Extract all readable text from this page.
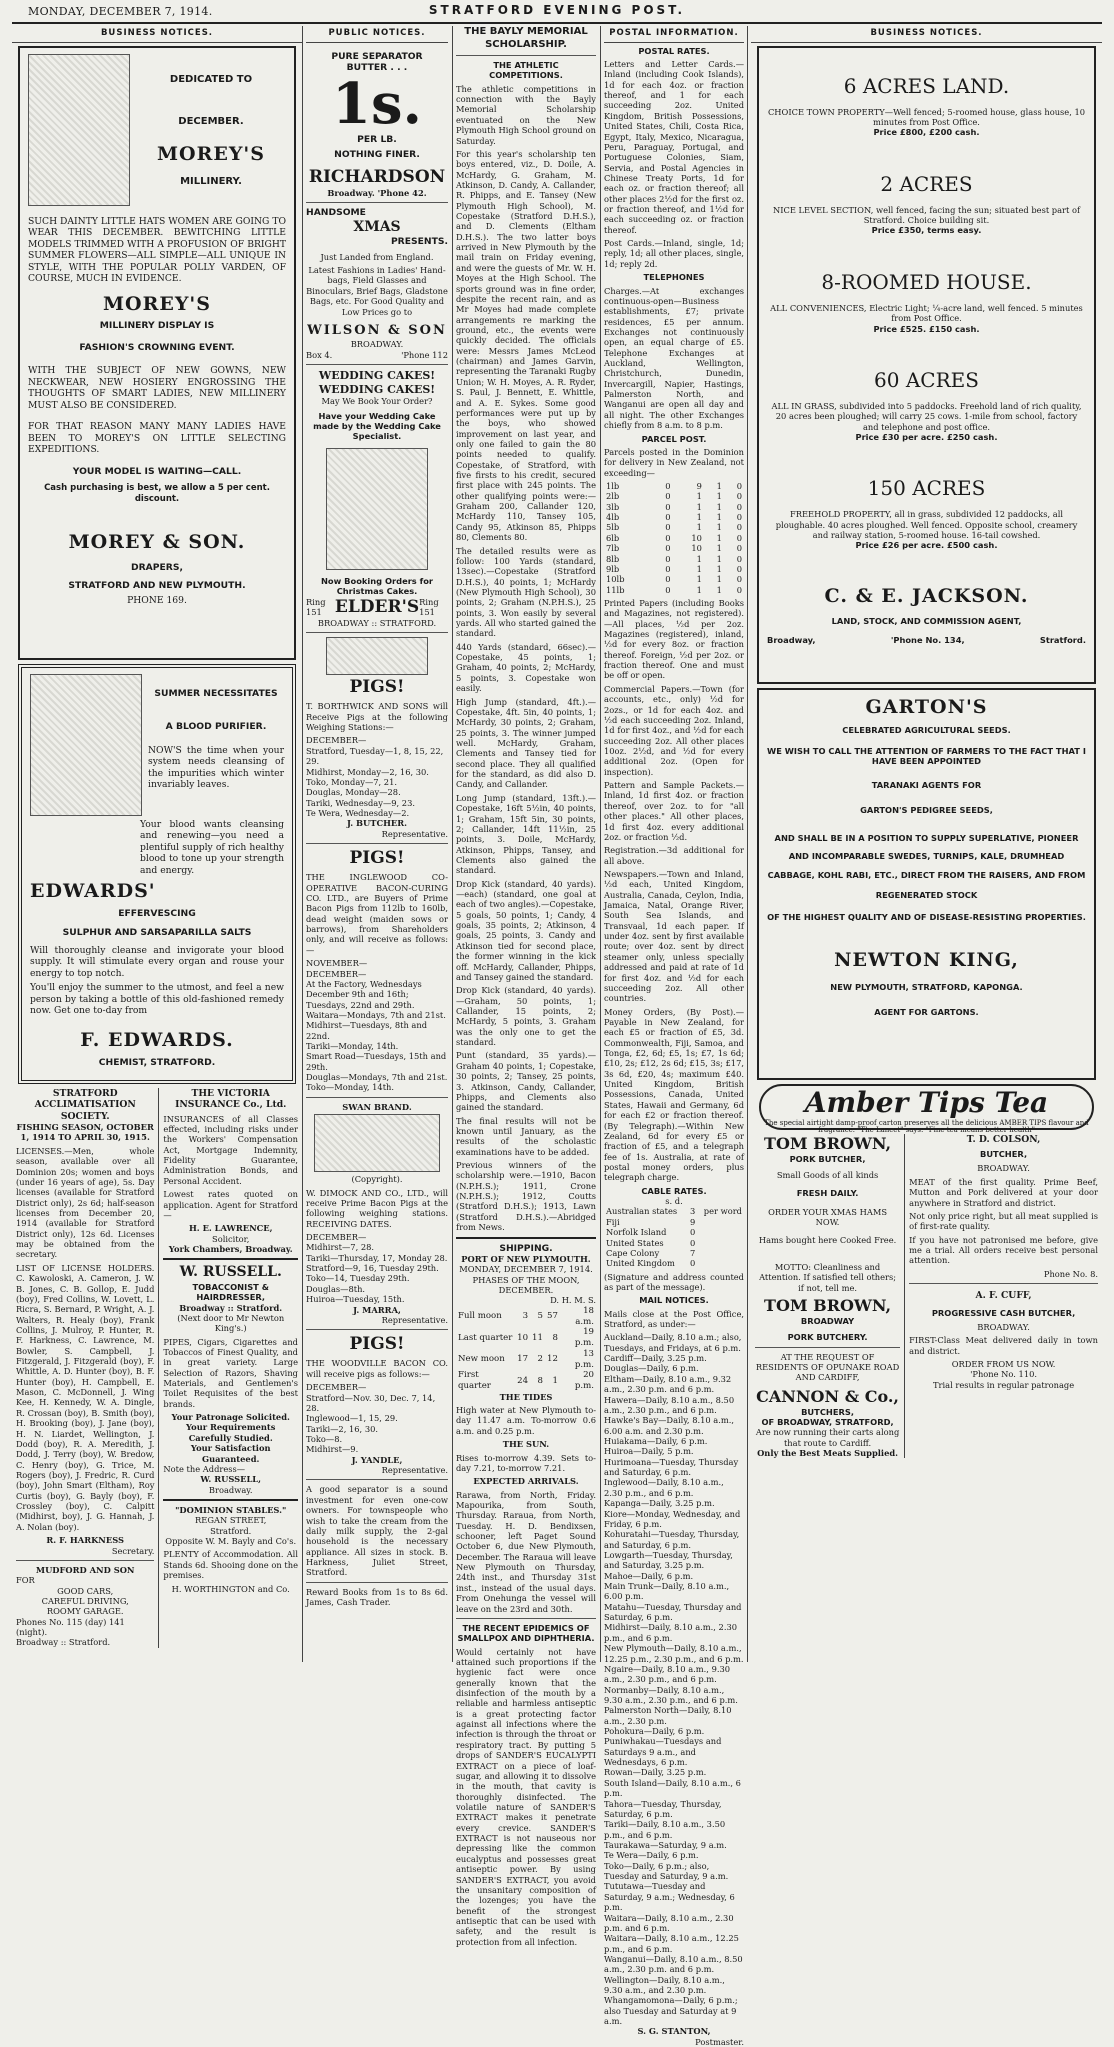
MONDAY, DECEMBER 7, 1914.	STRATFORD EVENING POST.
BUSINESS NOTICES.
DEDICATED TO
DECEMBER.
MOREY'S
MILLINERY.

SUCH DAINTY LITTLE HATS WOMEN ARE GOING TO WEAR THIS DECEMBER. BEWITCHING LITTLE MODELS TRIMMED WITH A PROFUSION OF BRIGHT SUMMER FLOWERS—ALL SIMPLE—ALL UNIQUE IN STYLE, WITH THE POPULAR POLLY VARDEN, OF COURSE, MUCH IN EVIDENCE.

MOREY'S
MILLINERY DISPLAY IS
FASHION'S CROWNING EVENT.

WITH THE SUBJECT OF NEW GOWNS, NEW NECKWEAR, NEW HOSIERY ENGROSSING THE THOUGHTS OF SMART LADIES, NEW MILLINERY MUST ALSO BE CONSIDERED.

FOR THAT REASON MANY MANY LADIES HAVE BEEN TO MOREY'S ON LITTLE SELECTING EXPEDITIONS.

YOUR MODEL IS WAITING—CALL.
Cash purchasing is best, we allow a 5 per cent. discount.
MOREY & SON.
DRAPERS,
STRATFORD AND NEW PLYMOUTH.
PHONE 169.
SUMMER NECESSITATES
A BLOOD PURIFIER.

NOW'S the time when your system needs cleansing of the impurities which winter invariably leaves.

Your blood wants cleansing and renewing—you need a plentiful supply of rich healthy blood to tone up your strength and energy.

EDWARDS'
EFFERVESCING
SULPHUR AND SARSAPARILLA SALTS

Will thoroughly cleanse and invigorate your blood supply. It will stimulate every organ and rouse your energy to top notch.

You'll enjoy the summer to the utmost, and feel a new person by taking a bottle of this old-fashioned remedy now. Get one to-day from

F. EDWARDS.
CHEMIST, STRATFORD.
STRATFORD ACCLIMATISATION SOCIETY.
FISHING SEASON, OCTOBER 1, 1914 TO APRIL 30, 1915.

LICENSES.—Men, whole season, available over all Dominion 20s; women and boys (under 16 years of age), 5s. Day licenses (available for Stratford District only), 2s 6d; half-season licenses from December 20, 1914 (available for Stratford District only), 12s 6d. Licenses may be obtained from the secretary.

LIST OF LICENSE HOLDERS. C. Kawoloski, A. Cameron, J. W. B. Jones, C. B. Gollop, E. Judd (boy), Fred Collins, W. Lovett, L. Ricra, S. Bernard, P. Wright, A. J. Walters, R. Healy (boy), Frank Collins, J. Mulroy, P. Hunter, R. F. Harkness, C. Lawrence, M. Bowler, S. Campbell, J. Fitzgerald, J. Fitzgerald (boy), F. Whittle, A. D. Hunter (boy), B. F. Hunter (boy), H. Campbell, E. Mason, C. McDonnell, J. Wing Kee, H. Kennedy, W. A. Dingle, R. Crossan (boy), B. Smith (boy), H. Brooking (boy), J. Jane (boy), H. N. Liardet, Wellington, J. Dodd (boy), R. A. Meredith, J. Dodd, J. Terry (boy), W. Bredow, C. Henry (boy), G. Trice, M. Rogers (boy), J. Fredric, R. Curd (boy), John Smart (Eltham), Roy Curtis (boy), G. Bayly (boy), F. Crossley (boy), C. Calpitt (Midhirst, boy), J. G. Hannah, J. A. Nolan (boy).

R. F. HARKNESS
Secretary.
MUDFORD AND SON
FOR
GOOD CARS,
CAREFUL DRIVING,
ROOMY GARAGE.
Phones No. 115 (day) 141 (night).
Broadway :: Stratford.
THE VICTORIA INSURANCE Co., Ltd.

INSURANCES of all Classes effected, including risks under the Workers' Compensation Act, Mortgage Indemnity, Fidelity Guarantee, Administration Bonds, and Personal Accident.

Lowest rates quoted on application. Agent for Stratford—

H. E. LAWRENCE,
Solicitor,
York Chambers, Broadway.
W. RUSSELL.
TOBACCONIST & HAIRDRESSER,
Broadway :: Stratford.
(Next door to Mr Newton King's.)

PIPES, Cigars, Cigarettes and Tobaccos of Finest Quality, and in great variety. Large Selection of Razors, Shaving Materials, and Gentlemen's Toilet Requisites of the best brands.

Your Patronage Solicited.
Your Requirements Carefully Studied.
Your Satisfaction Guaranteed.
Note the Address—
W. RUSSELL,
Broadway.
"DOMINION STABLES."
REGAN STREET,
Stratford.
Opposite W. M. Bayly and Co's.

PLENTY of Accommodation. All Stands 6d. Shooing done on the premises.

H. WORTHINGTON and Co.
PUBLIC NOTICES.
PURE SEPARATOR
BUTTER . . .
1s.
PER LB.
NOTHING FINER.
RICHARDSON
Broadway. 'Phone 42.
HANDSOME
XMAS
PRESENTS.
Just Landed from England.

Latest Fashions in Ladies' Hand-bags, Field Glasses and Binoculars, Brief Bags, Gladstone Bags, etc. For Good Quality and Low Prices go to

WILSON & SON
BROADWAY.
Box 4.	'Phone 112
WEDDING CAKES! WEDDING CAKES!
May We Book Your Order?
Have your Wedding Cake made by the Wedding Cake Specialist.
Now Booking Orders for Christmas Cakes.
Ring 151 ELDER'S Ring 151
BROADWAY :: STRATFORD.
PIGS!

T. BORTHWICK AND SONS will Receive Pigs at the following Weighing Stations:—

DECEMBER—
Stratford, Tuesday—1, 8, 15, 22, 29.
Midhirst, Monday—2, 16, 30.
Toko, Monday—7, 21.
Douglas, Monday—28.
Tariki, Wednesday—9, 23.
Te Wera, Wednesday—2.
J. BUTCHER.
Representative.
PIGS!

THE INGLEWOOD CO-OPERATIVE BACON-CURING CO. LTD., are Buyers of Prime Bacon Pigs from 112lb to 160lb, dead weight (maiden sows or barrows), from Shareholders only, and will receive as follows:—

NOVEMBER—
DECEMBER—
At the Factory, Wednesdays December 9th and 16th; Tuesdays, 22nd and 29th.
Waitara—Mondays, 7th and 21st.
Midhirst—Tuesdays, 8th and 22nd.
Tariki—Monday, 14th.
Smart Road—Tuesdays, 15th and 29th.
Douglas—Mondays, 7th and 21st.
Toko—Monday, 14th.
SWAN BRAND.
(Copyright).

W. DIMOCK AND CO., LTD., will receive Prime Bacon Pigs at the following weighing stations. RECEIVING DATES.

DECEMBER—
Midhirst—7, 28.
Tariki—Thursday, 17, Monday 28.
Stratford—9, 16, Tuesday 29th.
Toko—14, Tuesday 29th.
Douglas—8th.
Huiroa—Tuesday, 15th.
J. MARRA,
Representative.
PIGS!

THE WOODVILLE BACON CO. will receive pigs as follows:—

DECEMBER—
Stratford—Nov. 30, Dec. 7, 14, 28.
Inglewood—1, 15, 29.
Tariki—2, 16, 30.
Toko—8.
Midhirst—9.
J. YANDLE,
Representative.

A good separator is a sound investment for even one-cow owners. For townspeople who wish to take the cream from the daily milk supply, the 2-gal household is the necessary appliance. All sizes in stock. B. Harkness, Juliet Street, Stratford.

Reward Books from 1s to 8s 6d. James, Cash Trader.

THE BAYLY MEMORIAL SCHOLARSHIP.
THE ATHLETIC COMPETITIONS.

The athletic competitions in connection with the Bayly Memorial Scholarship eventuated on the New Plymouth High School ground on Saturday.

For this year's scholarship ten boys entered, viz., D. Doile, A. McHardy, G. Graham, M. Atkinson, D. Candy, A. Callander, R. Phipps, and E. Tansey (New Plymouth High School), M. Copestake (Stratford D.H.S.), and D. Clements (Eltham D.H.S.). The two latter boys arrived in New Plymouth by the mail train on Friday evening, and were the guests of Mr. W. H. Moyes at the High School. The sports ground was in fine order, despite the recent rain, and as Mr Moyes had made complete arrangements re marking the ground, etc., the events were quickly decided. The officials were: Messrs James McLeod (chairman) and James Garvin, representing the Taranaki Rugby Union; W. H. Moyes, A. R. Ryder, S. Paul, J. Bennett, E. Whittle, and A. E. Sykes. Some good performances were put up by the boys, who showed improvement on last year, and only one failed to gain the 80 points needed to qualify. Copestake, of Stratford, with five firsts to his credit, secured first place with 245 points. The other qualifying points were:—Graham 200, Callander 120, McHardy 110, Tansey 105, Candy 95, Atkinson 85, Phipps 80, Clements 80.

The detailed results were as follow: 100 Yards (standard, 13sec).—Copestake (Stratford D.H.S.), 40 points, 1; McHardy (New Plymouth High School), 30 points, 2; Graham (N.P.H.S.), 25 points, 3. Won easily by several yards. All who started gained the standard.

440 Yards (standard, 66sec).—Copestake, 45 points, 1; Graham, 40 points, 2; McHardy, 5 points, 3. Copestake won easily.

High Jump (standard, 4ft.).—Copestake, 4ft. 5in, 40 points, 1; McHardy, 30 points, 2; Graham, 25 points, 3. The winner jumped well. McHardy, Graham, Clements and Tansey tied for second place. They all qualified for the standard, as did also D. Candy, and Callander.

Long Jump (standard, 13ft.).—Copestake, 16ft 5½in, 40 points, 1; Graham, 15ft 5in, 30 points, 2; Callander, 14ft 11½in, 25 points, 3. Doile, McHardy, Atkinson, Phipps, Tansey, and Clements also gained the standard.

Drop Kick (standard, 40 yards).—each) (standard, one goal at each of two angles).—Copestake, 5 goals, 50 points, 1; Candy, 4 goals, 35 points, 2; Atkinson, 4 goals, 25 points, 3. Candy and Atkinson tied for second place, the former winning in the kick off. McHardy, Callander, Phipps, and Tansey gained the standard.

Drop Kick (standard, 40 yards).—Graham, 50 points, 1; Callander, 15 points, 2; McHardy, 5 points, 3. Graham was the only one to get the standard.

Punt (standard, 35 yards).—Graham 40 points, 1; Copestake, 30 points, 2; Tansey, 25 points, 3. Atkinson, Candy, Callander, Phipps, and Clements also gained the standard.

The final results will not be known until January, as the results of the scholastic examinations have to be added.

Previous winners of the scholarship were.—1910, Bacon (N.P.H.S.); 1911, Crone (N.P.H.S.); 1912, Coutts (Stratford D.H.S.); 1913, Lawn (Stratford D.H.S.).—Abridged from News.

SHIPPING.
PORT OF NEW PLYMOUTH.
MONDAY, DECEMBER 7, 1914.
PHASES OF THE MOON, DECEMBER.
D. H. M. S.
Full moon	3	5	57	18 a.m.
Last quarter	10	11	8	19 p.m.
New moon	17	2	12	13 p.m.
First quarter	24	8	1	20 p.m.
THE TIDES

High water at New Plymouth to-day 11.47 a.m. To-morrow 0.6 a.m. and 0.25 p.m.

THE SUN.

Rises to-morrow 4.39. Sets to-day 7.21, to-morrow 7.21.

EXPECTED ARRIVALS.

Rarawa, from North, Friday. Mapourika, from South, Thursday. Raraua, from North, Tuesday. H. D. Bendixsen, schooner, left Paget Sound October 6, due New Plymouth, December. The Raraua will leave New Plymouth on Thursday, 24th inst., and Thursday 31st inst., instead of the usual days. From Onehunga the vessel will leave on the 23rd and 30th.

THE RECENT EPIDEMICS OF SMALLPOX AND DIPHTHERIA.

Would certainly not have attained such proportions if the hygienic fact were once generally known that the disinfection of the mouth by a reliable and harmless antiseptic is a great protecting factor against all infections where the infection is through the throat or respiratory tract. By putting 5 drops of SANDER'S EUCALYPTI EXTRACT on a piece of loaf-sugar, and allowing it to dissolve in the mouth, that cavity is thoroughly disinfected. The volatile nature of SANDER'S EXTRACT makes it penetrate every crevice. SANDER'S EXTRACT is not nauseous nor depressing like the common eucalyptus and possesses great antiseptic power. By using SANDER'S EXTRACT, you avoid the unsanitary composition of the lozenges; you have the benefit of the strongest antiseptic that can be used with safety, and the result is protection from all infection.

POSTAL INFORMATION.
POSTAL RATES.

Letters and Letter Cards.—Inland (including Cook Islands), 1d for each 4oz. or fraction thereof, and 1 for each succeeding 2oz. United Kingdom, British Possessions, United States, Chili, Costa Rica, Egypt, Italy, Mexico, Nicaragua, Peru, Paraguay, Portugal, and Portuguese Colonies, Siam, Servia, and Postal Agencies in Chinese Treaty Ports, 1d for each oz. or fraction thereof; all other places 2½d for the first oz. or fraction thereof, and 1½d for each succeeding oz. or fraction thereof.

Post Cards.—Inland, single, 1d; reply, 1d; all other places, single, 1d; reply 2d.

TELEPHONES

Charges.—At exchanges continuous-open—Business establishments, £7; private residences, £5 per annum. Exchanges not continuously open, an equal charge of £5. Telephone Exchanges at Auckland, Wellington, Christchurch, Dunedin, Invercargill, Napier, Hastings, Palmerston North, and Wanganui are open all day and all night. The other Exchanges chiefly from 8 a.m. to 8 p.m.

PARCEL POST.

Parcels posted in the Dominion for delivery in New Zealand, not exceeding—

1lb	0	9	1	0
2lb	0	1	1	0
3lb	0	1	1	0
4lb	0	1	1	0
5lb	0	1	1	0
6lb	0	10	1	0
7lb	0	10	1	0
8lb	0	1	1	0
9lb	0	1	1	0
10lb	0	1	1	0
11lb	0	1	1	0

Printed Papers (including Books and Magazines, not registered).—All places, ½d per 2oz. Magazines (registered), inland, ½d for every 8oz. or fraction thereof. Foreign, ½d per 2oz. or fraction thereof. One and must be off or open.

Commercial Papers.—Town (for accounts, etc., only) ½d for 2ozs., or 1d for each 4oz. and ½d each succeeding 2oz. Inland, 1d for first 4oz., and ½d for each succeeding 2oz. All other places 10oz. 2½d, and ½d for every additional 2oz. (Open for inspection).

Pattern and Sample Packets.—Inland, 1d first 4oz. or fraction thereof, over 2oz. to for "all other places." All other places, 1d first 4oz. every additional 2oz. or fraction ½d.

Registration.—3d additional for all above.

Newspapers.—Town and Inland, ½d each, United Kingdom, Australia, Canada, Ceylon, India, Jamaica, Natal, Orange River, South Sea Islands, and Transvaal, 1d each paper. If under 4oz. sent by first available route; over 4oz. sent by direct steamer only, unless specially addressed and paid at rate of 1d for first 4oz. and ½d for each succeeding 2oz. All other countries.

Money Orders, (By Post).—Payable in New Zealand, for each £5 or fraction of £5, 3d. Commonwealth, Fiji, Samoa, and Tonga, £2, 6d; £5, 1s; £7, 1s 6d; £10, 2s; £12, 2s 6d; £15, 3s; £17, 3s 6d, £20, 4s; maximum £40. United Kingdom, British Possessions, Canada, United States, Hawaii and Germany, 6d for each £2 or fraction thereof. (By Telegraph).—Within New Zealand, 6d for every £5 or fraction of £5, and a telegraph fee of 1s. Australia, at rate of postal money orders, plus telegraph charge.

CABLE RATES.
s. d.
Australian states	3	per word
Fiji	9	
Norfolk Island	0	
United States	0	
Cape Colony	7	
United Kingdom	0	

(Signature and address counted as part of the message).

MAIL NOTICES.

Mails close at the Post Office, Stratford, as under:—

Auckland—Daily, 8.10 a.m.; also, Tuesdays, and Fridays, at 6 p.m.
Cardiff—Daily, 3.25 p.m.
Douglas—Daily, 6 p.m.
Eltham—Daily, 8.10 a.m., 9.32 a.m., 2.30 p.m. and 6 p.m.
Hawera—Daily, 8.10 a.m., 8.50 a.m., 2.30 p.m., and 6 p.m.
Hawke's Bay—Daily, 8.10 a.m., 6.00 a.m. and 2.30 p.m.
Huiakama—Daily, 6 p.m.
Huiroa—Daily, 5 p.m.
Hurimoana—Tuesday, Thursday and Saturday, 6 p.m.
Inglewood—Daily, 8.10 a.m., 2.30 p.m., and 6 p.m.
Kapanga—Daily, 3.25 p.m.
Kiore—Monday, Wednesday, and Friday, 6 p.m.
Kohuratahi—Tuesday, Thursday, and Saturday, 6 p.m.
Lowgarth—Tuesday, Thursday, and Saturday, 3.25 p.m.
Mahoe—Daily, 6 p.m.
Main Trunk—Daily, 8.10 a.m., 6.00 p.m.
Matahu—Tuesday, Thursday and Saturday, 6 p.m.
Midhirst—Daily, 8.10 a.m., 2.30 p.m., and 6 p.m.
New Plymouth—Daily, 8.10 a.m., 12.25 p.m., 2.30 p.m., and 6 p.m.
Ngaire—Daily, 8.10 a.m., 9.30 a.m., 2.30 p.m., and 6 p.m.
Normanby—Daily, 8.10 a.m., 9.30 a.m., 2.30 p.m., and 6 p.m.
Palmerston North—Daily, 8.10 a.m., 2.30 p.m.
Pohokura—Daily, 6 p.m.
Puniwhakau—Tuesdays and Saturdays 9 a.m., and Wednesdays, 6 p.m.
Rowan—Daily, 3.25 p.m.
South Island—Daily, 8.10 a.m., 6 p.m.
Tahora—Tuesday, Thursday, Saturday, 6 p.m.
Tariki—Daily, 8.10 a.m., 3.50 p.m., and 6 p.m.
Taurakawa—Saturday, 9 a.m.
Te Wera—Daily, 6 p.m.
Toko—Daily, 6 p.m.; also, Tuesday and Saturday, 9 a.m.
Tututawa—Tuesday and Saturday, 9 a.m.; Wednesday, 6 p.m.
Waitara—Daily, 8.10 a.m., 2.30 p.m. and 6 p.m.
Waitara—Daily, 8.10 a.m., 12.25 p.m., and 6 p.m.
Wanganui—Daily, 8.10 a.m., 8.50 a.m., 2.30 p.m. and 6 p.m.
Wellington—Daily, 8.10 a.m., 9.30 a.m., and 2.30 p.m.
Whangamomona—Daily, 6 p.m.; also Tuesday and Saturday at 9 a.m.
S. G. STANTON,
Postmaster.
BUSINESS NOTICES.
6 ACRES LAND.
CHOICE TOWN PROPERTY—Well fenced; 5-roomed house, glass house, 10 minutes from Post Office.
Price £800, £200 cash.
2 ACRES
NICE LEVEL SECTION, well fenced, facing the sun; situated best part of Stratford. Choice building sit.
Price £350, terms easy.
8-ROOMED HOUSE.
ALL CONVENIENCES, Electric Light; ¼-acre land, well fenced. 5 minutes from Post Office.
Price £525. £150 cash.
60 ACRES
ALL IN GRASS, subdivided into 5 paddocks. Freehold land of rich quality, 20 acres been ploughed; will carry 25 cows. 1-mile from school, factory and telephone and post office.
Price £30 per acre. £250 cash.
150 ACRES
FREEHOLD PROPERTY, all in grass, subdivided 12 paddocks, all ploughable. 40 acres ploughed. Well fenced. Opposite school, creamery and railway station, 5-roomed house. 16-tail cowshed.
Price £26 per acre. £500 cash.
C. & E. JACKSON.
LAND, STOCK, AND COMMISSION AGENT,
Broadway,	'Phone No. 134,	Stratford.
GARTON'S
CELEBRATED AGRICULTURAL SEEDS.
WE WISH TO CALL THE ATTENTION OF FARMERS TO THE FACT THAT I HAVE BEEN APPOINTED
TARANAKI AGENTS FOR
GARTON'S PEDIGREE SEEDS,
AND SHALL BE IN A POSITION TO SUPPLY SUPERLATIVE, PIONEER AND INCOMPARABLE SWEDES, TURNIPS, KALE, DRUMHEAD CABBAGE, KOHL RABI, ETC., DIRECT FROM THE RAISERS, AND FROM
REGENERATED STOCK
OF THE HIGHEST QUALITY AND OF DISEASE-RESISTING PROPERTIES.
NEWTON KING,
NEW PLYMOUTH, STRATFORD, KAPONGA.
AGENT FOR GARTONS.
Amber Tips Tea
The special airtight damp-proof carton preserves all the delicious AMBER TIPS flavour and fragrance. "The Lancet" says: "Fine tea means better health"
TOM BROWN,
PORK BUTCHER,
Small Goods of all kinds
FRESH DAILY.
ORDER YOUR XMAS HAMS NOW.
Hams bought here Cooked Free.

MOTTO: Cleanliness and Attention. If satisfied tell others; if not, tell me.

TOM BROWN,
BROADWAY
PORK BUTCHERY.
AT THE REQUEST OF RESIDENTS OF OPUNAKE ROAD AND CARDIFF,
CANNON & Co.,
BUTCHERS,
OF BROADWAY, STRATFORD,
Are now running their carts along that route to Cardiff.
Only the Best Meats Supplied.
T. D. COLSON,
BUTCHER,
BROADWAY.

MEAT of the first quality. Prime Beef, Mutton and Pork delivered at your door anywhere in Stratford and district.

Not only price right, but all meat supplied is of first-rate quality.

If you have not patronised me before, give me a trial. All orders receive best personal attention.

Phone No. 8.
A. F. CUFF,
PROGRESSIVE CASH BUTCHER,
BROADWAY.

FIRST-Class Meat delivered daily in town and district.

ORDER FROM US NOW.
'Phone No. 110.
Trial results in regular patronage
